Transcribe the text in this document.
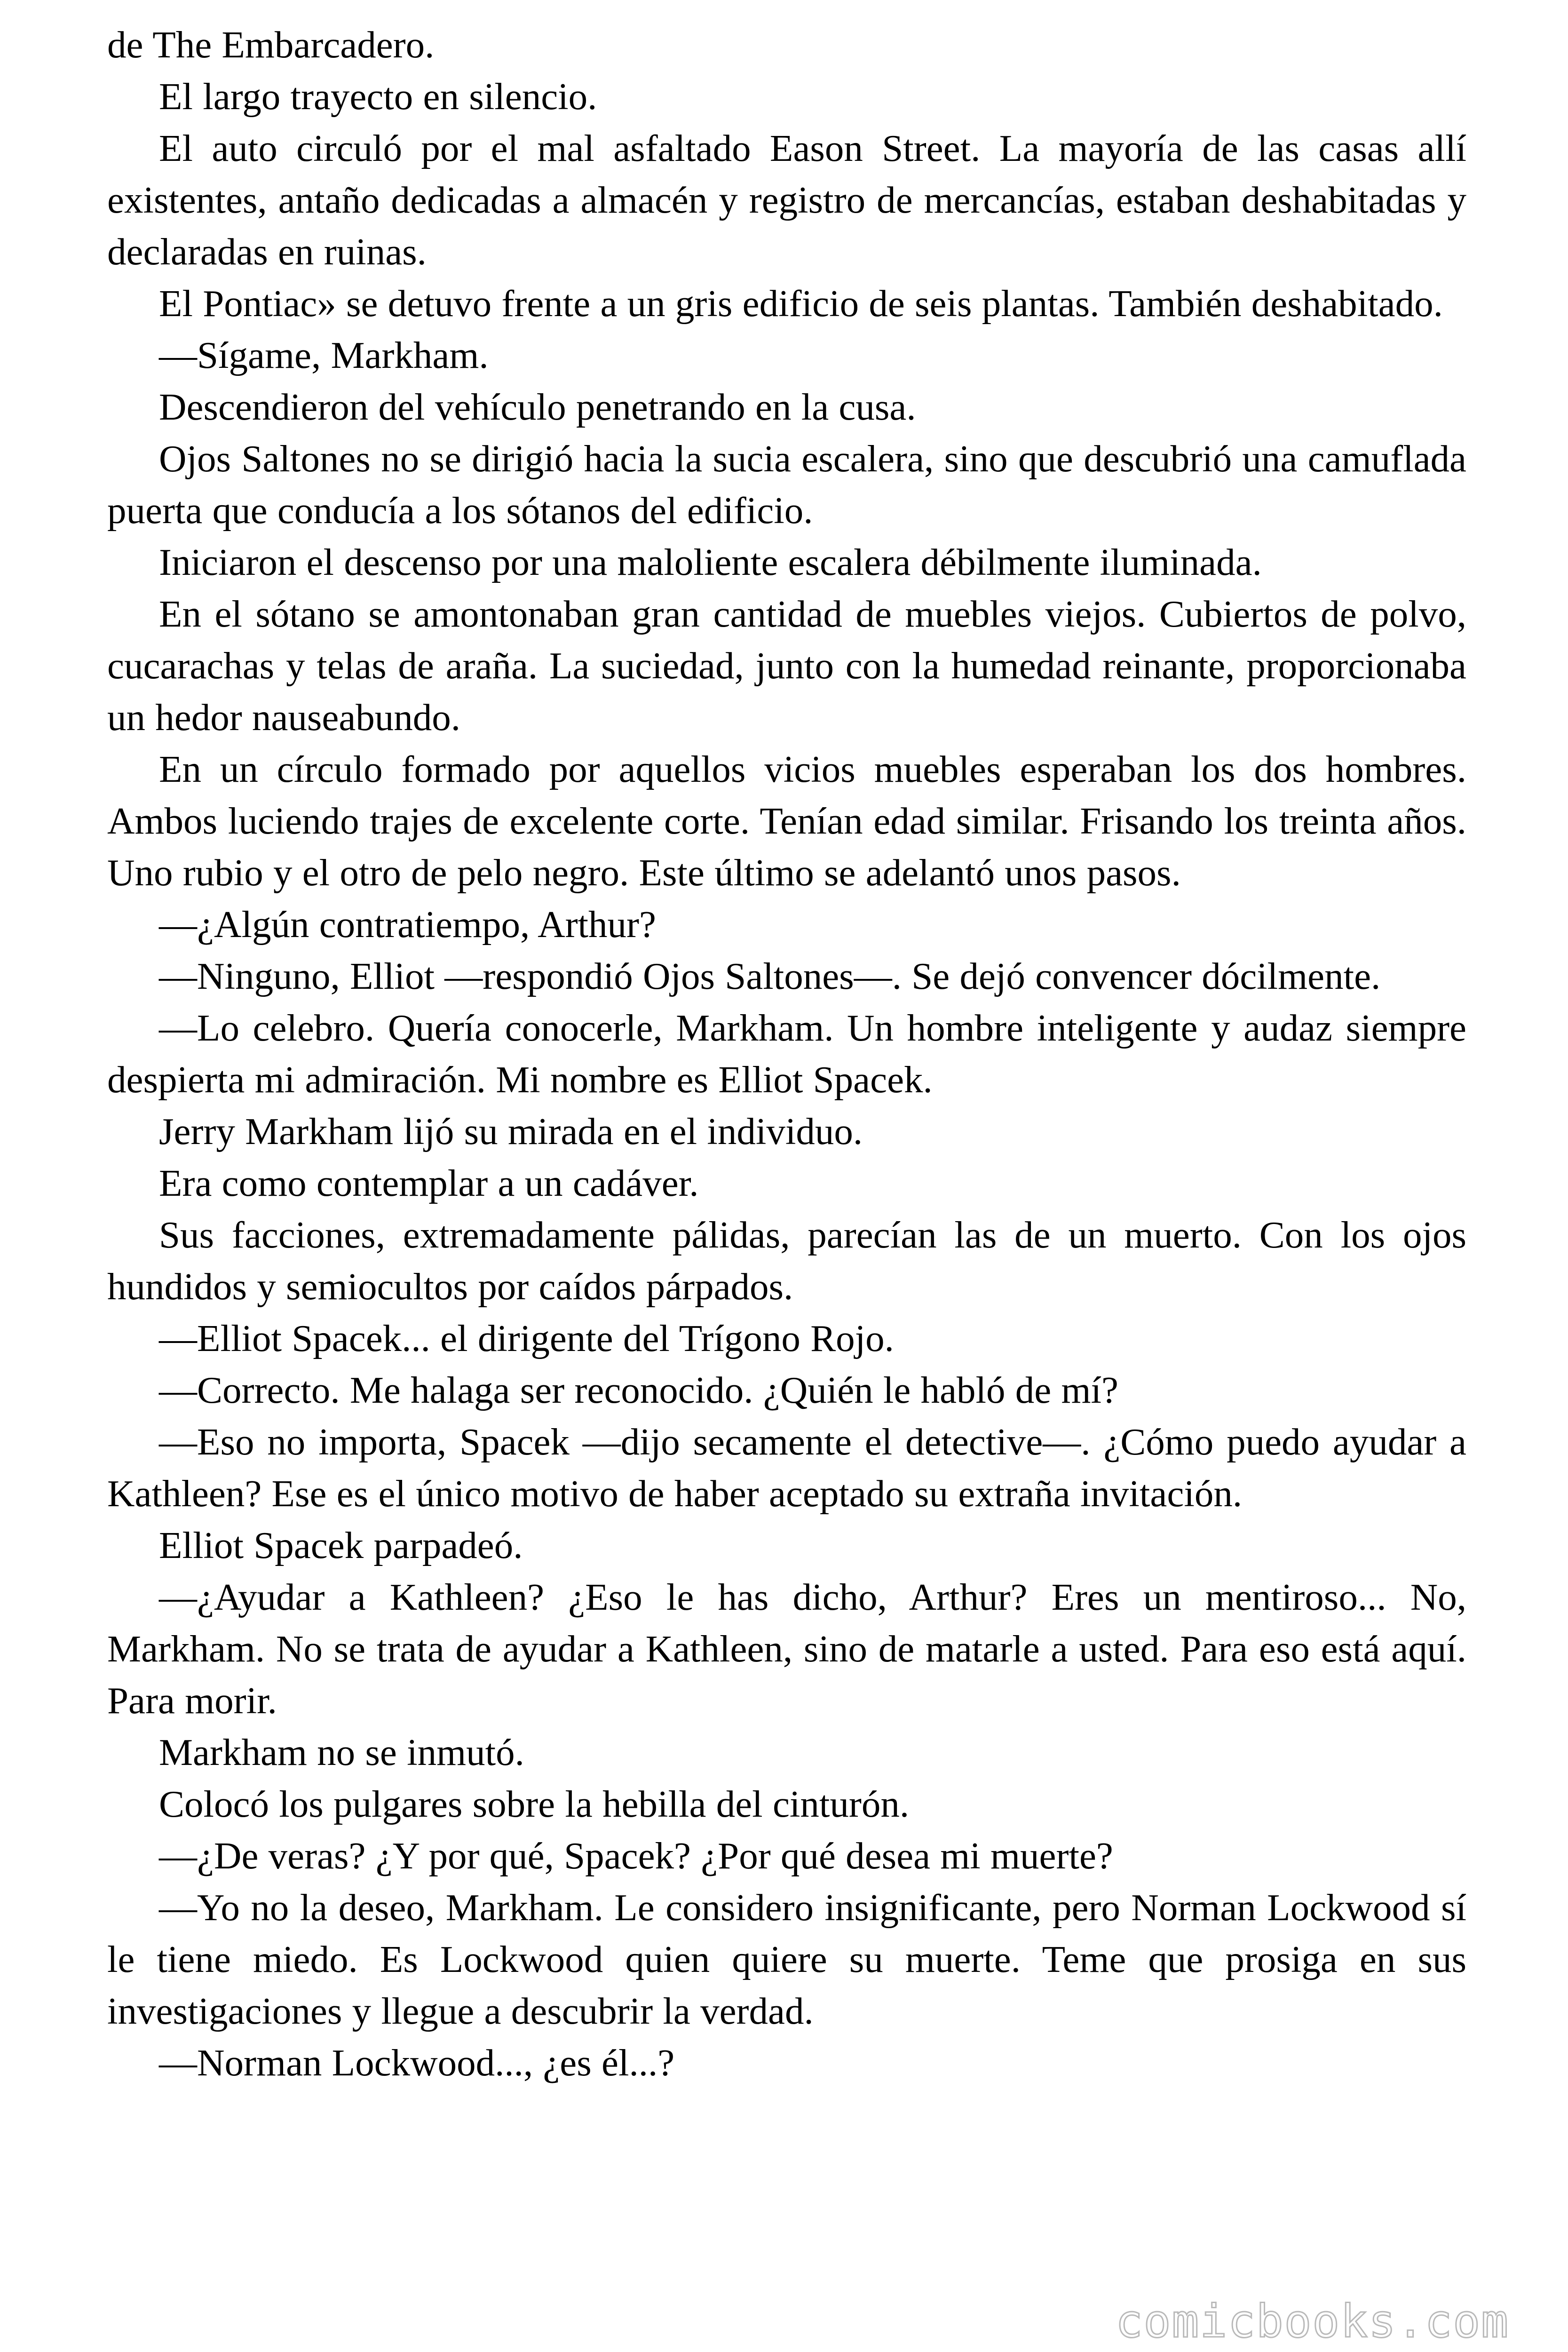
de The Embarcadero.

El largo trayecto en silencio.

El auto circuló por el mal asfaltado Eason Street. La mayoría de las casas allí existentes, antaño dedicadas a almacén y registro de mercancías, estaban deshabitadas y declaradas en ruinas.

El Pontiac» se detuvo frente a un gris edificio de seis plantas. También deshabitado.

—Sígame, Markham.

Descendieron del vehículo penetrando en la cusa.

Ojos Saltones no se dirigió hacia la sucia escalera, sino que descubrió una camuflada puerta que conducía a los sótanos del edificio.

Iniciaron el descenso por una maloliente escalera débilmente iluminada.

En el sótano se amontonaban gran cantidad de muebles viejos. Cubiertos de polvo, cucarachas y telas de araña. La suciedad, junto con la humedad reinante, proporcionaba un hedor nauseabundo.

En un círculo formado por aquellos vicios muebles esperaban los dos hombres. Ambos luciendo trajes de excelente corte. Tenían edad similar. Frisando los treinta años. Uno rubio y el otro de pelo negro. Este último se adelantó unos pasos.

—¿Algún contratiempo, Arthur?

—Ninguno, Elliot —respondió Ojos Saltones—. Se dejó convencer dócilmente.

—Lo celebro. Quería conocerle, Markham. Un hombre inteligente y audaz siempre despierta mi admiración. Mi nombre es Elliot Spacek.

Jerry Markham lijó su mirada en el individuo.

Era como contemplar a un cadáver.

Sus facciones, extremadamente pálidas, parecían las de un muerto. Con los ojos hundidos y semiocultos por caídos párpados.

—Elliot Spacek... el dirigente del Trígono Rojo.

—Correcto. Me halaga ser reconocido. ¿Quién le habló de mí?

—Eso no importa, Spacek —dijo secamente el detective—. ¿Cómo puedo ayudar a Kathleen? Ese es el único motivo de haber aceptado su extraña invitación.

Elliot Spacek parpadeó.

—¿Ayudar a Kathleen? ¿Eso le has dicho, Arthur? Eres un mentiroso... No, Markham. No se trata de ayudar a Kathleen, sino de matarle a usted. Para eso está aquí. Para morir.

Markham no se inmutó.

Colocó los pulgares sobre la hebilla del cinturón.

—¿De veras? ¿Y por qué, Spacek? ¿Por qué desea mi muerte?

—Yo no la deseo, Markham. Le considero insignificante, pero Norman Lockwood sí le tiene miedo. Es Lockwood quien quiere su muerte. Teme que prosiga en sus investigaciones y llegue a descubrir la verdad.

—Norman Lockwood..., ¿es él...?

comicbooks.com
